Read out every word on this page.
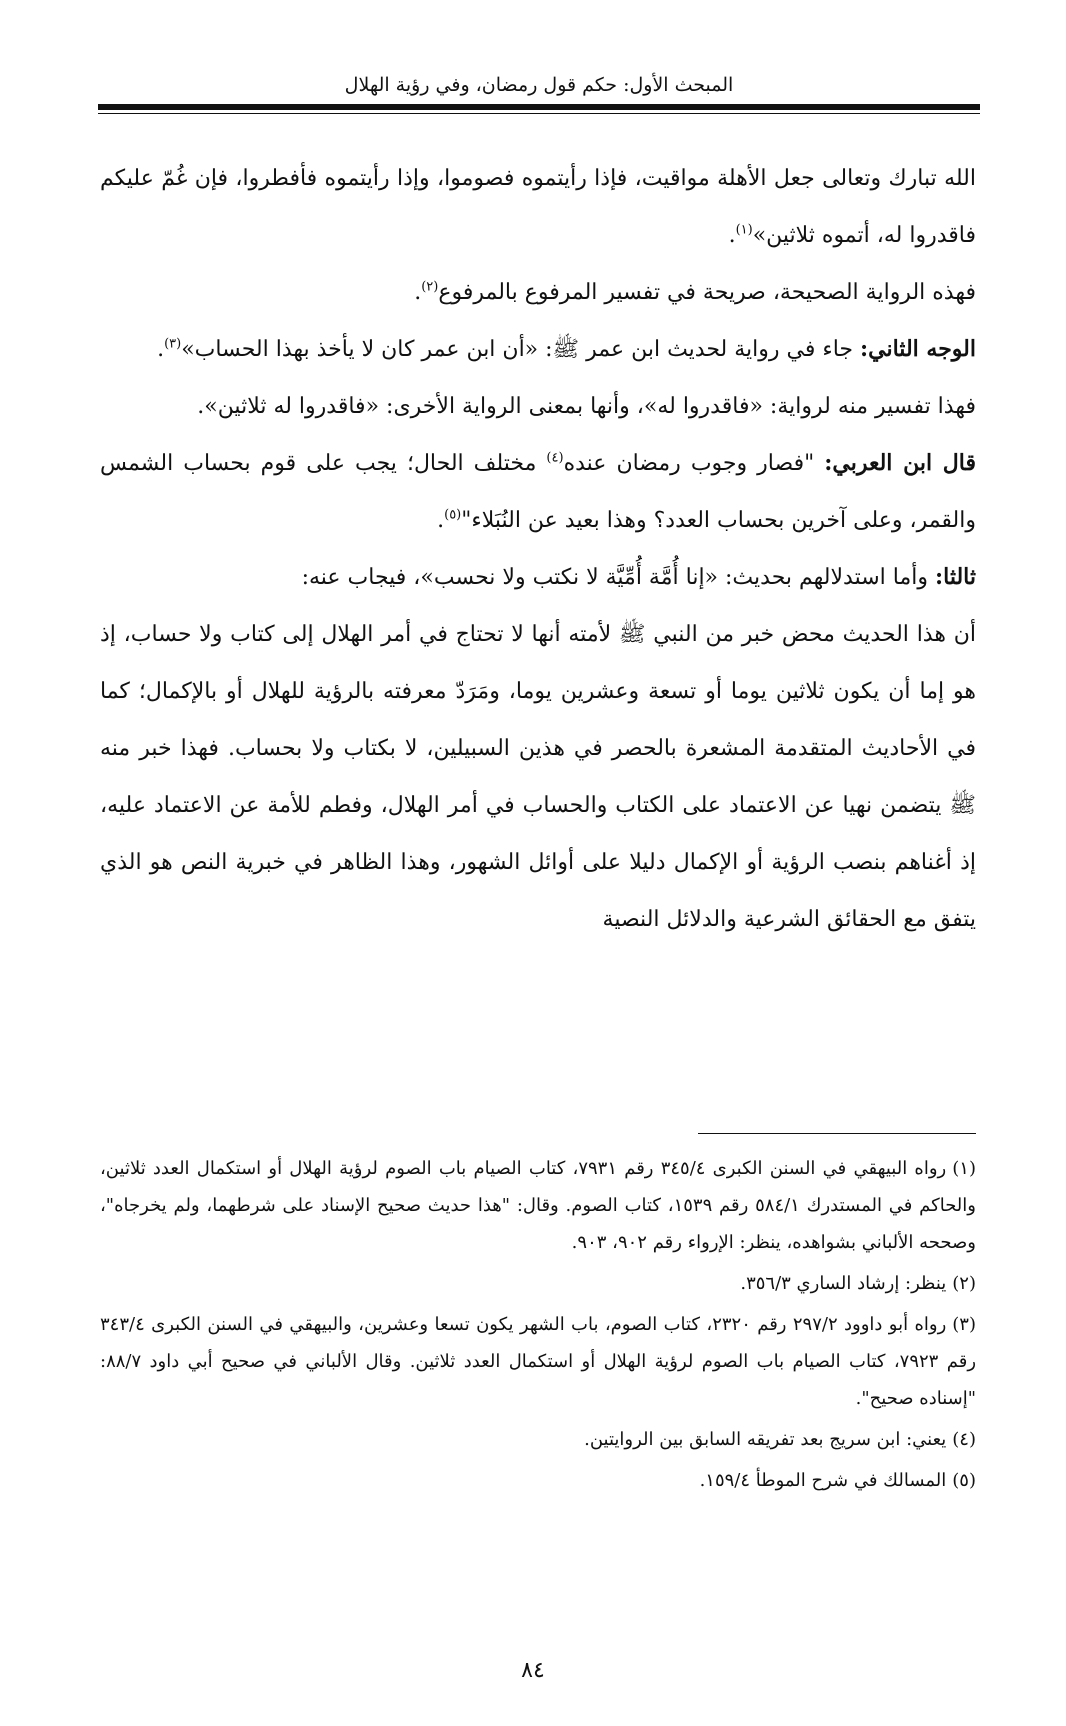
المبحث الأول: حكم قول رمضان، وفي رؤية الهلال

الله تبارك وتعالى جعل الأهلة مواقيت، فإذا رأيتموه فصوموا، وإذا رأيتموه فأفطروا، فإن غُمّ عليكم فاقدروا له، أتموه ثلاثين»$^{(١)}$.

فهذه الرواية الصحيحة، صريحة في تفسير المرفوع بالمرفوع$^{(٢)}$.

الوجه الثاني: جاء في رواية لحديث ابن عمر ﷺ: «أن ابن عمر كان لا يأخذ بهذا الحساب»$^{(٣)}$.

فهذا تفسير منه لرواية: «فاقدروا له»، وأنها بمعنى الرواية الأخرى: «فاقدروا له ثلاثين».

قال ابن العربي: "فصار وجوب رمضان عنده$^{(٤)}$ مختلف الحال؛ يجب على قوم بحساب الشمس والقمر، وعلى آخرين بحساب العدد؟ وهذا بعيد عن النُبَلاء"$^{(٥)}$.

ثالثا: وأما استدلالهم بحديث: «إنا أُمَّة أُمِّيَّة لا نكتب ولا نحسب»، فيجاب عنه:

أن هذا الحديث محض خبر من النبي ﷺ لأمته أنها لا تحتاج في أمر الهلال إلى كتاب ولا حساب، إذ هو إما أن يكون ثلاثين يوما أو تسعة وعشرين يوما، ومَرَدّ معرفته بالرؤية للهلال أو بالإكمال؛ كما في الأحاديث المتقدمة المشعرة بالحصر في هذين السبيلين، لا بكتاب ولا بحساب. فهذا خبر منه ﷺ يتضمن نهيا عن الاعتماد على الكتاب والحساب في أمر الهلال، وفطم للأمة عن الاعتماد عليه، إذ أغناهم بنصب الرؤية أو الإكمال دليلا على أوائل الشهور، وهذا الظاهر في خبرية النص هو الذي يتفق مع الحقائق الشرعية والدلائل النصية

(١)رواه البيهقي في السنن الكبرى ٣٤٥/٤ رقم ٧٩٣١، كتاب الصيام باب الصوم لرؤية الهلال أو استكمال العدد ثلاثين، والحاكم في المستدرك ٥٨٤/١ رقم ١٥٣٩، كتاب الصوم. وقال: "هذا حديث صحيح الإسناد على شرطهما، ولم يخرجاه"، وصححه الألباني بشواهده، ينظر: الإرواء رقم ٩٠٢، ٩٠٣.

(٢)ينظر: إرشاد الساري ٣٥٦/٣.

(٣)رواه أبو داوود ٢٩٧/٢ رقم ٢٣٢٠، كتاب الصوم، باب الشهر يكون تسعا وعشرين، والبيهقي في السنن الكبرى ٣٤٣/٤ رقم ٧٩٢٣، كتاب الصيام باب الصوم لرؤية الهلال أو استكمال العدد ثلاثين. وقال الألباني في صحيح أبي داود ٨٨/٧: "إسناده صحيح".

(٤)يعني: ابن سريج بعد تفريقه السابق بين الروايتين.

(٥)المسالك في شرح الموطأ ١٥٩/٤.

٨٤
